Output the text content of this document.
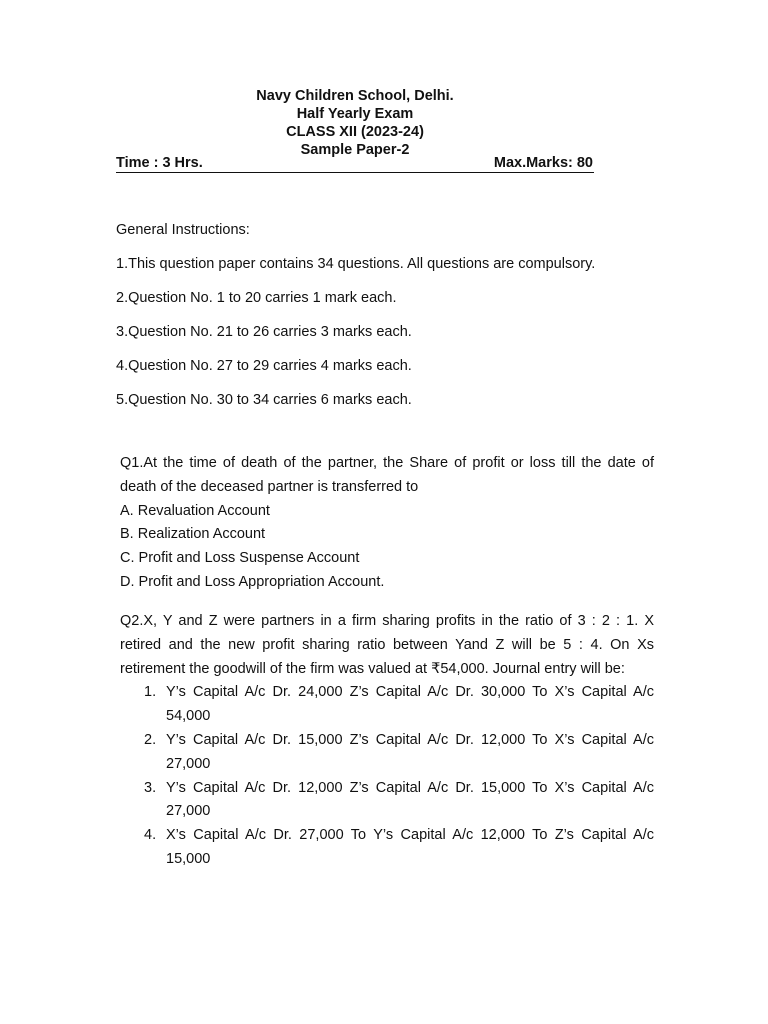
Navy Children School, Delhi.
Half Yearly Exam
CLASS XII (2023-24)
Sample Paper-2
Time : 3 Hrs.	Max.Marks: 80
General Instructions:
1.This question paper contains 34 questions. All questions are compulsory.
2.Question No. 1 to 20 carries 1 mark each.
3.Question No. 21 to 26 carries 3 marks each.
4.Question No. 27 to 29 carries 4 marks each.
5.Question No. 30 to 34 carries 6 marks each.
Q1.At the time of death of the partner, the Share of profit or loss till the date of death of the deceased partner is transferred to
A. Revaluation Account
B. Realization Account
C. Profit and Loss Suspense Account
D. Profit and Loss Appropriation Account.
Q2.X, Y and Z were partners in a firm sharing profits in the ratio of 3 : 2 : 1. X retired and the new profit sharing ratio between Yand Z will be 5 : 4. On Xs retirement the goodwill of the firm was valued at ₹54,000. Journal entry will be:
1. Y’s Capital A/c Dr. 24,000 Z’s Capital A/c Dr. 30,000 To X’s Capital A/c 54,000
2. Y’s Capital A/c Dr. 15,000 Z’s Capital A/c Dr. 12,000 To X’s Capital A/c 27,000
3. Y’s Capital A/c Dr. 12,000 Z’s Capital A/c Dr. 15,000 To X’s Capital A/c 27,000
4. X’s Capital A/c Dr. 27,000 To Y’s Capital A/c 12,000 To Z’s Capital A/c 15,000
